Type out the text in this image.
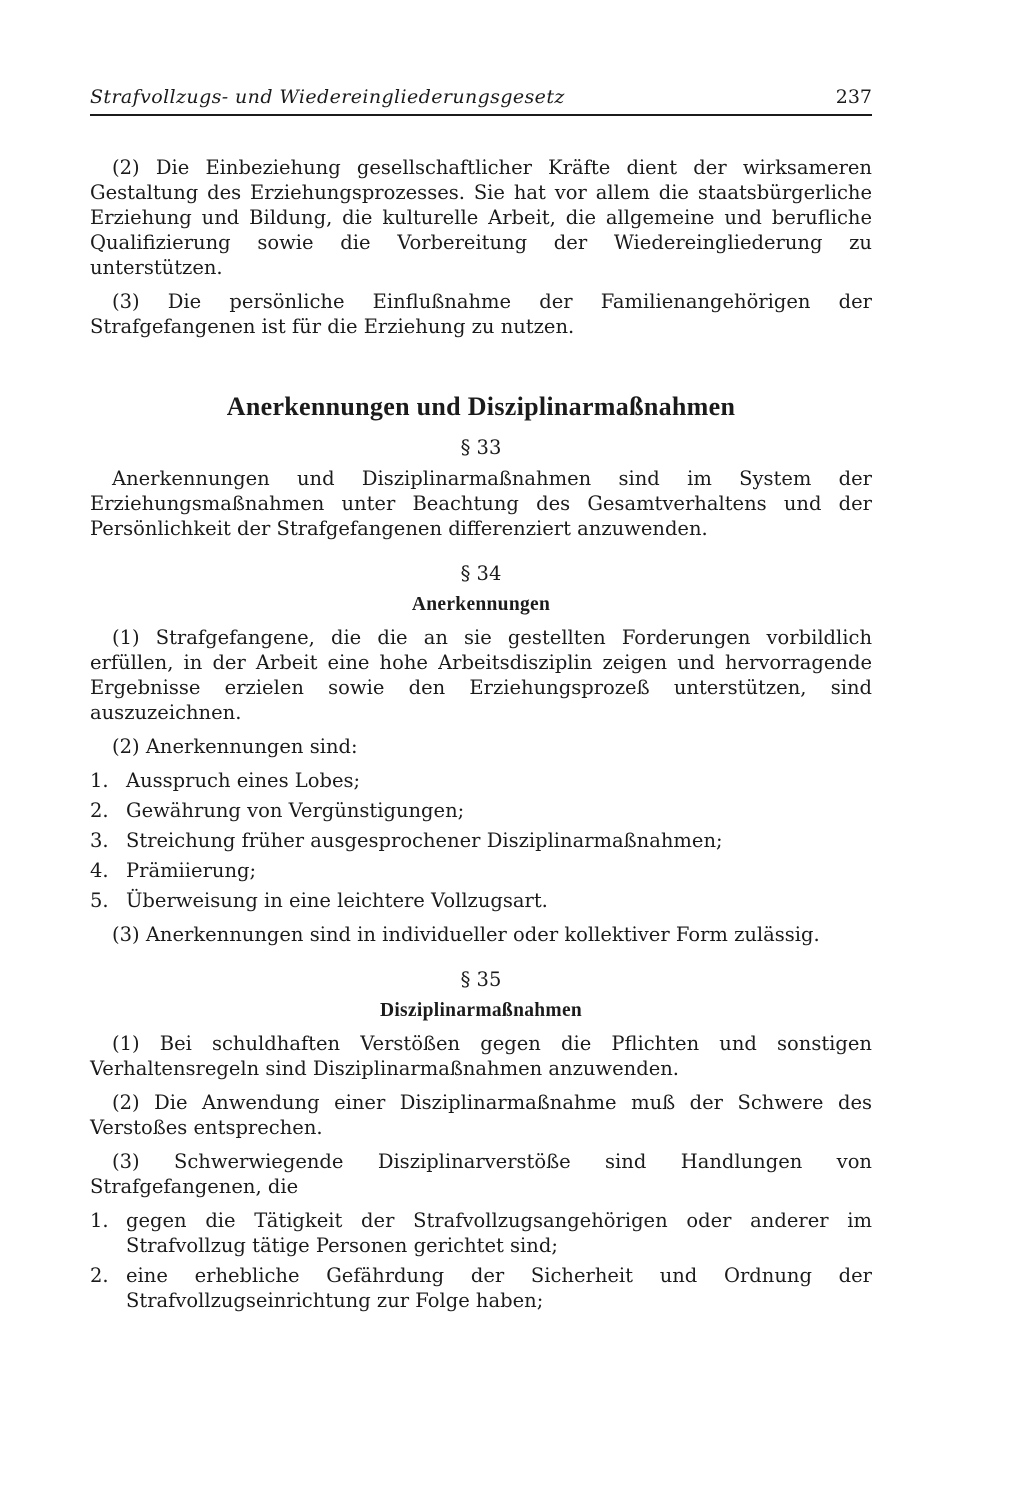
Strafvollzugs- und Wiedereingliederungsgesetz	237

(2) Die Einbeziehung gesellschaftlicher Kräfte dient der wirksameren Gestaltung des Erziehungsprozesses. Sie hat vor allem die staatsbürgerliche Erziehung und Bildung, die kulturelle Arbeit, die allgemeine und berufliche Qualifizierung sowie die Vorbereitung der Wiedereingliederung zu unterstützen.

(3) Die persönliche Einflußnahme der Familienangehörigen der Strafgefangenen ist für die Erziehung zu nutzen.

Anerkennungen und Disziplinarmaßnahmen
§ 33

Anerkennungen und Disziplinarmaßnahmen sind im System der Erziehungsmaßnahmen unter Beachtung des Gesamtverhaltens und der Persönlichkeit der Strafgefangenen differenziert anzuwenden.

§ 34
Anerkennungen

(1) Strafgefangene, die die an sie gestellten Forderungen vorbildlich erfüllen, in der Arbeit eine hohe Arbeitsdisziplin zeigen und hervorragende Ergebnisse erzielen sowie den Erziehungsprozeß unterstützen, sind auszuzeichnen.

(2) Anerkennungen sind:

1. Ausspruch eines Lobes;
2. Gewährung von Vergünstigungen;
3. Streichung früher ausgesprochener Disziplinarmaßnahmen;
4. Prämiierung;
5. Überweisung in eine leichtere Vollzugsart.

(3) Anerkennungen sind in individueller oder kollektiver Form zulässig.

§ 35
Disziplinarmaßnahmen

(1) Bei schuldhaften Verstößen gegen die Pflichten und sonstigen Verhaltensregeln sind Disziplinarmaßnahmen anzuwenden.

(2) Die Anwendung einer Disziplinarmaßnahme muß der Schwere des Verstoßes entsprechen.

(3) Schwerwiegende Disziplinarverstöße sind Handlungen von Strafgefangenen, die

1. gegen die Tätigkeit der Strafvollzugsangehörigen oder anderer im Strafvollzug tätige Personen gerichtet sind;
2. eine erhebliche Gefährdung der Sicherheit und Ordnung der Strafvollzugseinrichtung zur Folge haben;
